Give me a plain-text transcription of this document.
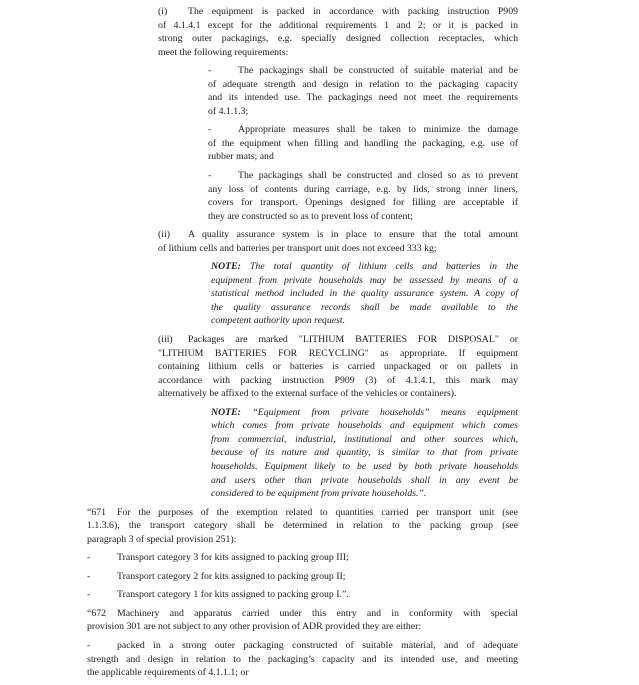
(i) The equipment is packed in accordance with packing instruction P909
of 4.1.4.1 except for the additional requirements 1 and 2; or it is packed in
strong outer packagings, e.g. specially designed collection receptacles, which
meet the following requirements:
-	The packagings shall be constructed of suitable material and be
of adequate strength and design in relation to the packaging capacity
and its intended use. The packagings need not meet the requirements
of 4.1.1.3;
-	Appropriate measures shall be taken to minimize the damage
of the equipment when filling and handling the packaging, e.g. use of
rubber mats; and
-	The packagings shall be constructed and closed so as to prevent
any loss of contents during carriage, e.g. by lids, strong inner liners,
covers for transport. Openings designed for filling are acceptable if
they are constructed so as to prevent loss of content;
(ii) A quality assurance system is in place to ensure that the total amount
of lithium cells and batteries per transport unit does not exceed 333 kg;
NOTE: The total quantity of lithium cells and batteries in the
equipment from private households may be assessed by means of a
statistical method included in the quality assurance system. A copy of
the quality assurance records shall be made available to the
competent authority upon request.
(iii) Packages are marked "LITHIUM BATTERIES FOR DISPOSAL" or
"LITHIUM BATTERIES FOR RECYCLING" as appropriate. If equipment
containing lithium cells or batteries is carried unpackaged or on pallets in
accordance with packing instruction P909 (3) of 4.1.4.1, this mark may
alternatively be affixed to the external surface of the vehicles or containers).
NOTE: “Equipment from private households” means equipment
which comes from private households and equipment which comes
from commercial, industrial, institutional and other sources which,
because of its nature and quantity, is similar to that from private
households. Equipment likely to be used by both private households
and users other than private households shall in any event be
considered to be equipment from private households.”.
“671 For the purposes of the exemption related to quantities carried per transport unit (see
1.1.3.6), the transport category shall be determined in relation to the packing group (see
paragraph 3 of special provision 251):
-	Transport category 3 for kits assigned to packing group III;
-	Transport category 2 for kits assigned to packing group II;
-	Transport category 1 for kits assigned to packing group I.”.
“672 Machinery and apparatus carried under this entry and in conformity with special
provision 301 are not subject to any other provision of ADR provided they are either:
-	packed in a strong outer packaging constructed of suitable material, and of adequate
strength and design in relation to the packaging’s capacity and its intended use, and meeting
the applicable requirements of 4.1.1.1; or
